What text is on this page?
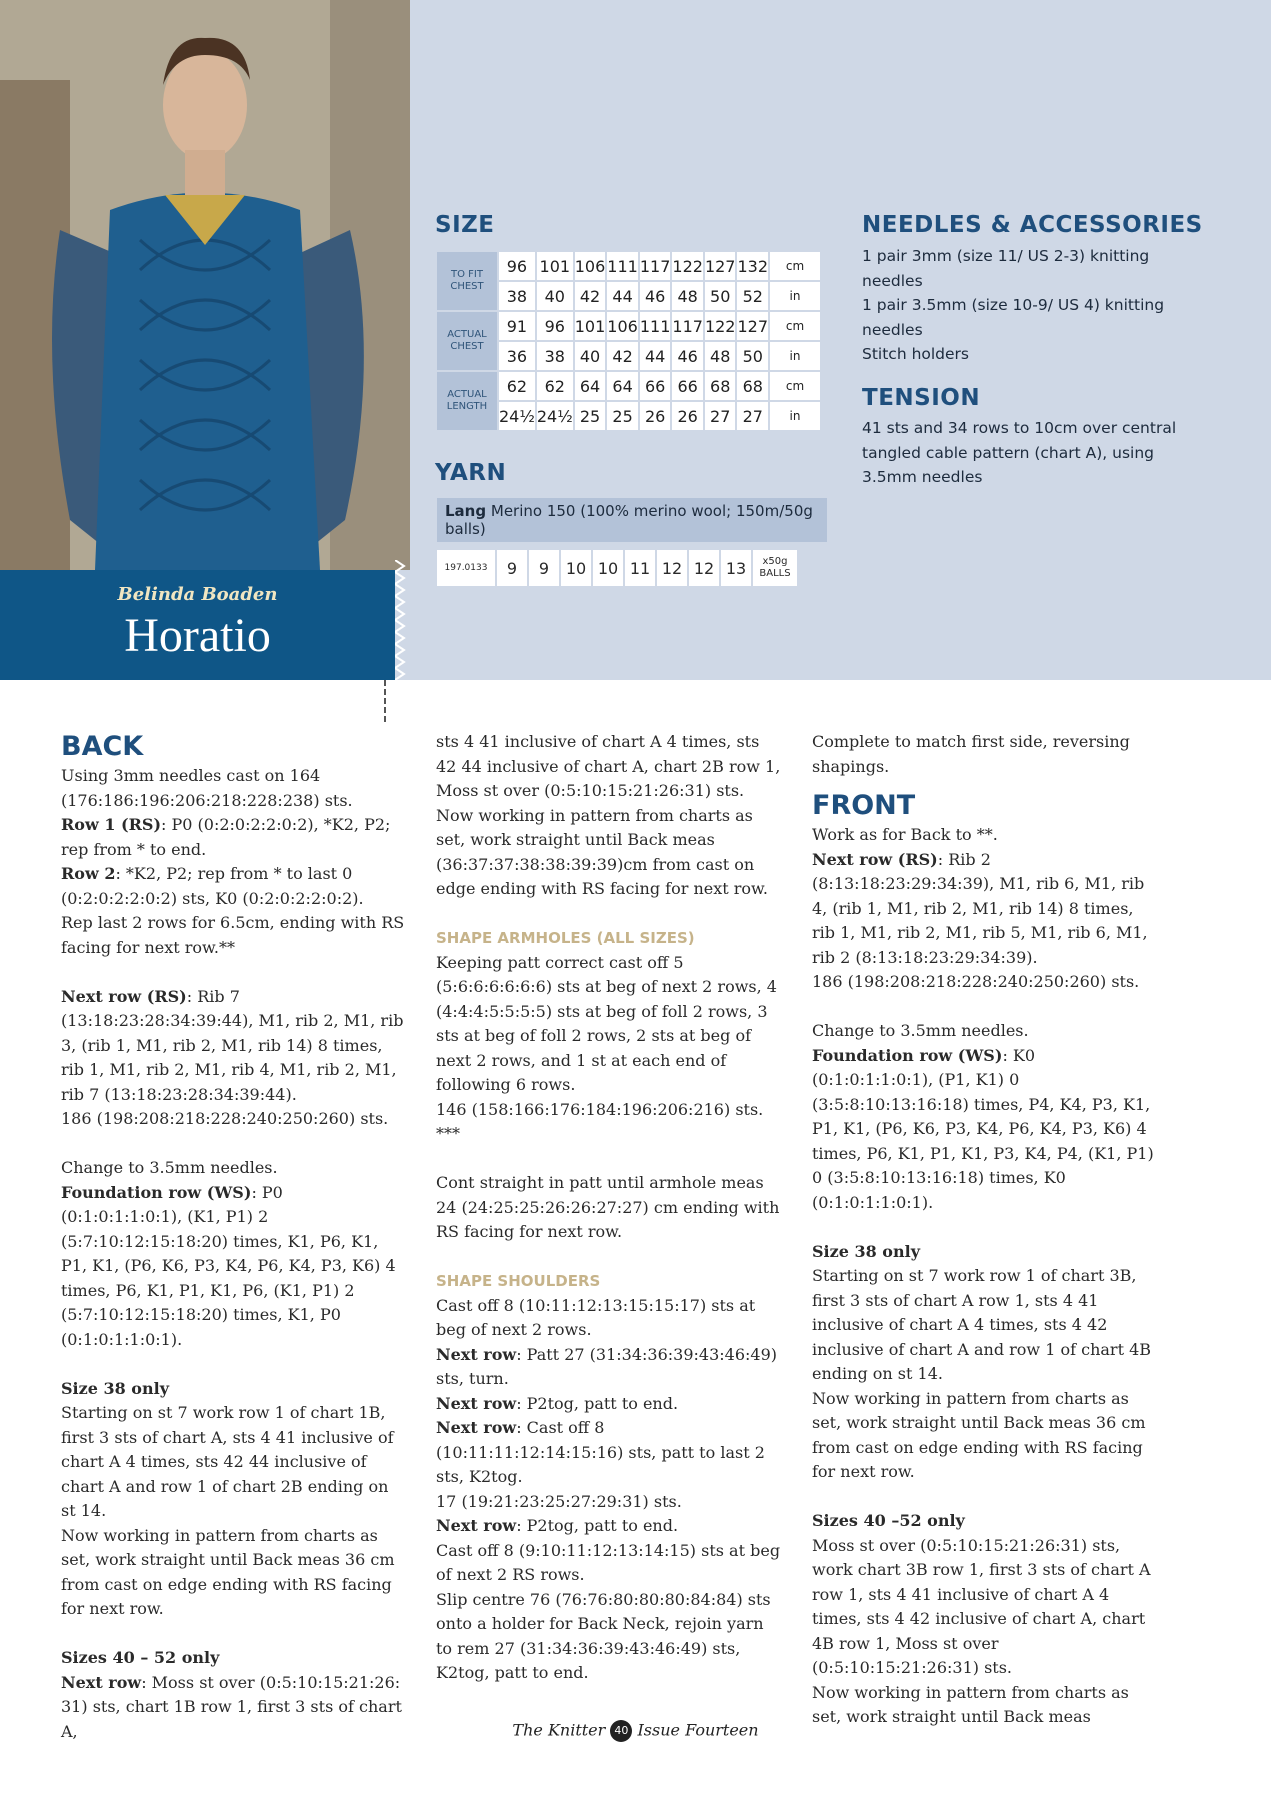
Belinda Boaden
Horatio
SIZE
TO FIT CHEST	96	101	106	111	117	122	127	132	cm
	38	40	42	44	46	48	50	52	in
ACTUAL CHEST	91	96	101	106	111	117	122	127	cm
	36	38	40	42	44	46	48	50	in
ACTUAL LENGTH	62	62	64	64	66	66	68	68	cm
	24½	24½	25	25	26	26	27	27	in
YARN
Lang Merino 150 (100% merino wool; 150m/50g balls)
197.0133	9	9	10	10	11	12	12	13	x50g BALLS
NEEDLES & ACCESSORIES

1 pair 3mm (size 11/ US 2-3) knitting needles

1 pair 3.5mm (size 10-9/ US 4) knitting needles

Stitch holders

TENSION

41 sts and 34 rows to 10cm over central tangled cable pattern (chart A), using 3.5mm needles

BACK

Using 3mm needles cast on 164 (176:186:196:206:218:228:238) sts.

Row 1 (RS): P0 (0:2:0:2:2:0:2), *K2, P2; rep from * to end.

Row 2: *K2, P2; rep from * to last 0 (0:2:0:2:2:0:2) sts, K0 (0:2:0:2:2:0:2).

Rep last 2 rows for 6.5cm, ending with RS facing for next row.**

Next row (RS): Rib 7 (13:18:23:28:34:39:44), M1, rib 2, M1, rib 3, (rib 1, M1, rib 2, M1, rib 14) 8 times, rib 1, M1, rib 2, M1, rib 4, M1, rib 2, M1, rib 7 (13:18:23:28:34:39:44).

186 (198:208:218:228:240:250:260) sts.

Change to 3.5mm needles.

Foundation row (WS): P0 (0:1:0:1:1:0:1), (K1, P1) 2 (5:7:10:12:15:18:20) times, K1, P6, K1, P1, K1, (P6, K6, P3, K4, P6, K4, P3, K6) 4 times, P6, K1, P1, K1, P6, (K1, P1) 2 (5:7:10:12:15:18:20) times, K1, P0 (0:1:0:1:1:0:1).

Size 38 only

Starting on st 7 work row 1 of chart 1B, first 3 sts of chart A, sts 4 41 inclusive of chart A 4 times, sts 42 44 inclusive of chart A and row 1 of chart 2B ending on st 14.

Now working in pattern from charts as set, work straight until Back meas 36 cm from cast on edge ending with RS facing for next row.

Sizes 40 – 52 only

Next row: Moss st over (0:5:10:15:21:26: 31) sts, chart 1B row 1, first 3 sts of chart A,

sts 4 41 inclusive of chart A 4 times, sts 42 44 inclusive of chart A, chart 2B row 1, Moss st over (0:5:10:15:21:26:31) sts.

Now working in pattern from charts as set, work straight until Back meas (36:37:37:38:38:39:39)cm from cast on edge ending with RS facing for next row.

SHAPE ARMHOLES (ALL SIZES)

Keeping patt correct cast off 5 (5:6:6:6:6:6:6) sts at beg of next 2 rows, 4 (4:4:4:5:5:5:5) sts at beg of foll 2 rows, 3 sts at beg of foll 2 rows, 2 sts at beg of next 2 rows, and 1 st at each end of following 6 rows.

146 (158:166:176:184:196:206:216) sts. ***

Cont straight in patt until armhole meas 24 (24:25:25:26:26:27:27) cm ending with RS facing for next row.

SHAPE SHOULDERS

Cast off 8 (10:11:12:13:15:15:17) sts at beg of next 2 rows.

Next row: Patt 27 (31:34:36:39:43:46:49) sts, turn.

Next row: P2tog, patt to end.

Next row: Cast off 8 (10:11:11:12:14:15:16) sts, patt to last 2 sts, K2tog.

17 (19:21:23:25:27:29:31) sts.

Next row: P2tog, patt to end.

Cast off 8 (9:10:11:12:13:14:15) sts at beg of next 2 RS rows.

Slip centre 76 (76:76:80:80:80:84:84) sts onto a holder for Back Neck, rejoin yarn to rem 27 (31:34:36:39:43:46:49) sts, K2tog, patt to end.

Complete to match first side, reversing shapings.

FRONT

Work as for Back to **.

Next row (RS): Rib 2 (8:13:18:23:29:34:39), M1, rib 6, M1, rib 4, (rib 1, M1, rib 2, M1, rib 14) 8 times, rib 1, M1, rib 2, M1, rib 5, M1, rib 6, M1, rib 2 (8:13:18:23:29:34:39).

186 (198:208:218:228:240:250:260) sts.

Change to 3.5mm needles.

Foundation row (WS): K0 (0:1:0:1:1:0:1), (P1, K1) 0 (3:5:8:10:13:16:18) times, P4, K4, P3, K1, P1, K1, (P6, K6, P3, K4, P6, K4, P3, K6) 4 times, P6, K1, P1, K1, P3, K4, P4, (K1, P1) 0 (3:5:8:10:13:16:18) times, K0 (0:1:0:1:1:0:1).

Size 38 only

Starting on st 7 work row 1 of chart 3B, first 3 sts of chart A row 1, sts 4 41 inclusive of chart A 4 times, sts 4 42 inclusive of chart A and row 1 of chart 4B ending on st 14.

Now working in pattern from charts as set, work straight until Back meas 36 cm from cast on edge ending with RS facing for next row.

Sizes 40 –52 only

Moss st over (0:5:10:15:21:26:31) sts, work chart 3B row 1, first 3 sts of chart A row 1, sts 4 41 inclusive of chart A 4 times, sts 4 42 inclusive of chart A, chart 4B row 1, Moss st over (0:5:10:15:21:26:31) sts.

Now working in pattern from charts as set, work straight until Back meas

The Knitter 40 Issue Fourteen
